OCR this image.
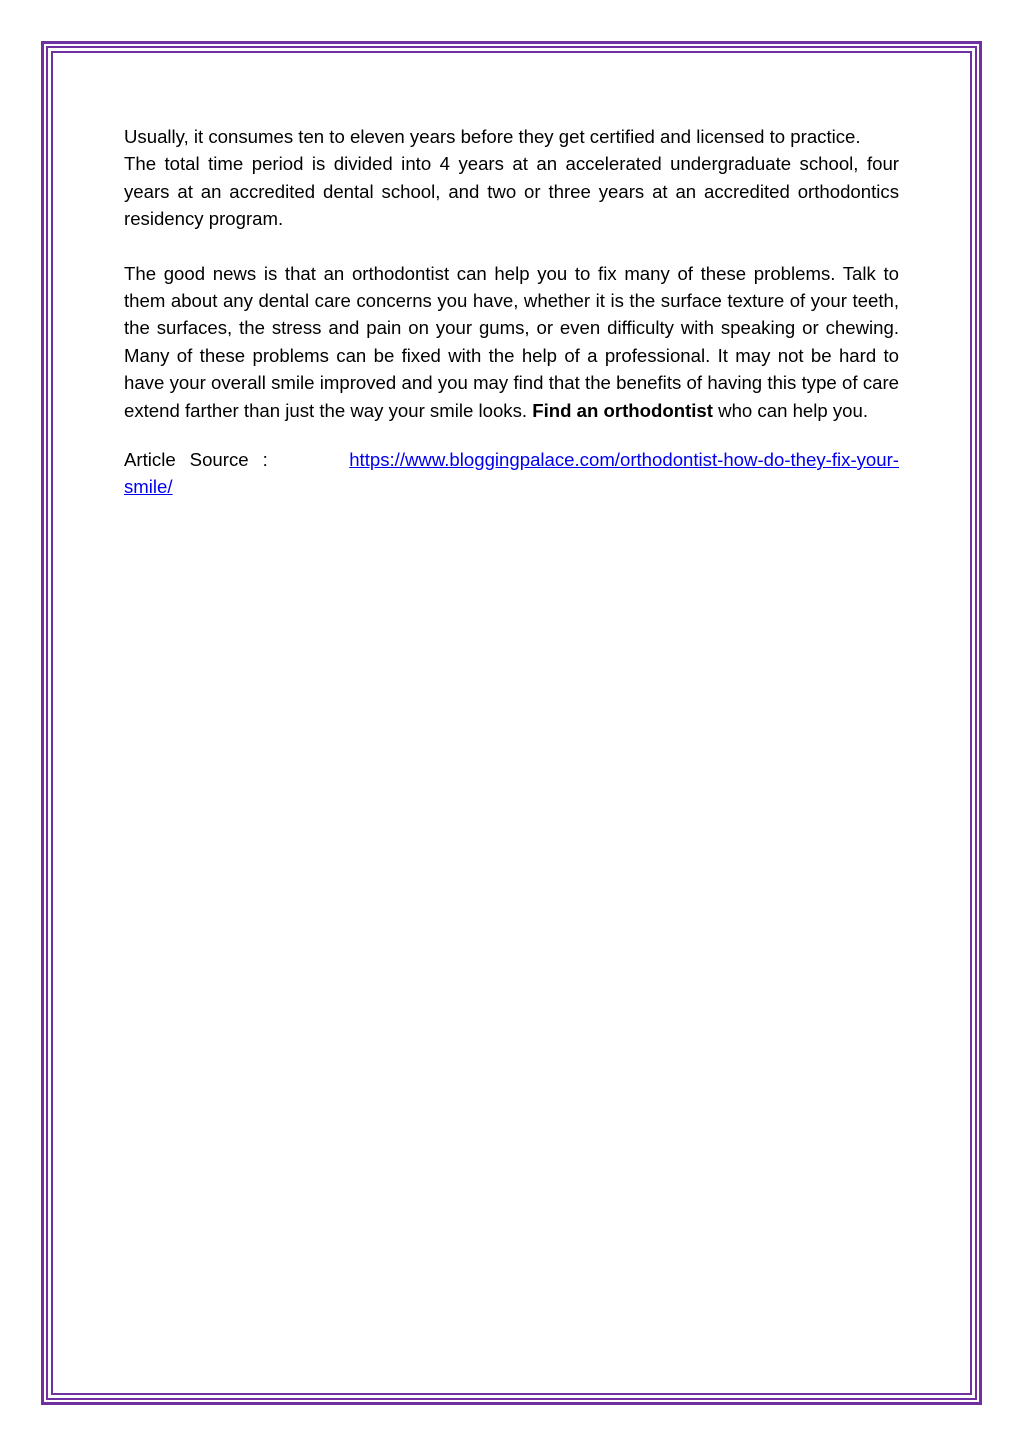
Usually, it consumes ten to eleven years before they get certified and licensed to practice.

The total time period is divided into 4 years at an accelerated undergraduate school, four years at an accredited dental school, and two or three years at an accredited orthodontics residency program.

The good news is that an orthodontist can help you to fix many of these problems. Talk to them about any dental care concerns you have, whether it is the surface texture of your teeth, the surfaces, the stress and pain on your gums, or even difficulty with speaking or chewing. Many of these problems can be fixed with the help of a professional. It may not be hard to have your overall smile improved and you may find that the benefits of having this type of care extend farther than just the way your smile looks. Find an orthodontist who can help you.

Article Source :	https://www.bloggingpalace.com/orthodontist-how-do-they-fix-your-
smile/
